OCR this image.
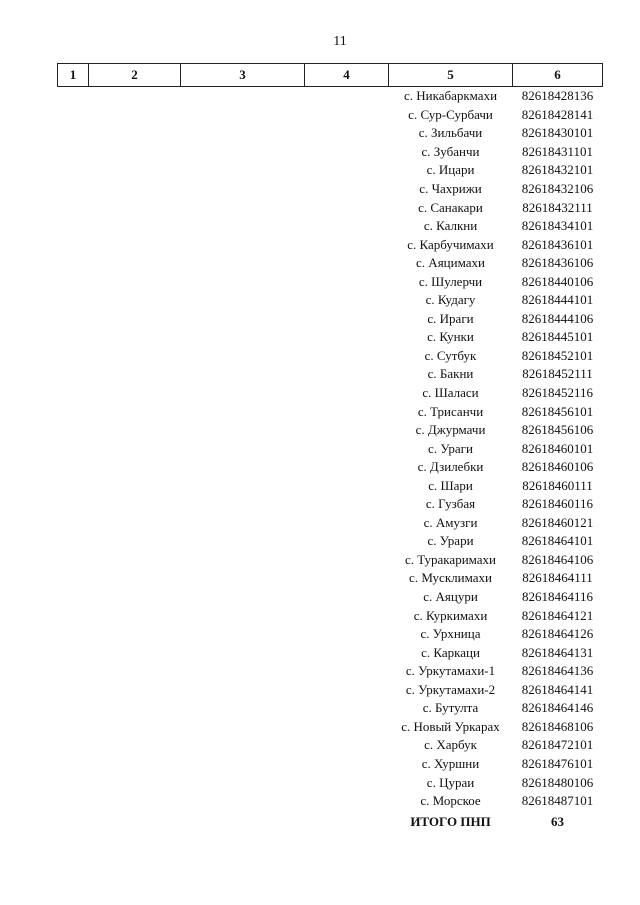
11
1	2	3	4	5	6
				с. Никабаркмахи	82618428136
				с. Сур-Сурбачи	82618428141
				с. Зильбачи	82618430101
				с. Зубанчи	82618431101
				с. Ицари	82618432101
				с. Чахрижи	82618432106
				с. Санакари	82618432111
				с. Калкни	82618434101
				с. Карбучимахи	82618436101
				с. Аяцимахи	82618436106
				с. Шулерчи	82618440106
				с. Кудагу	82618444101
				с. Ираги	82618444106
				с. Кунки	82618445101
				с. Сутбук	82618452101
				с. Бакни	82618452111
				с. Шаласи	82618452116
				с. Трисанчи	82618456101
				с. Джурмачи	82618456106
				с. Ураги	82618460101
				с. Дзилебки	82618460106
				с. Шари	82618460111
				с. Гузбая	82618460116
				с. Амузги	82618460121
				с. Урари	82618464101
				с. Туракаримахи	82618464106
				с. Мусклимахи	82618464111
				с. Аяцури	82618464116
				с. Куркимахи	82618464121
				с. Урхница	82618464126
				с. Каркаци	82618464131
				с. Уркутамахи-1	82618464136
				с. Уркутамахи-2	82618464141
				с. Бутулта	82618464146
				с. Новый Уркарах	82618468106
				с. Харбук	82618472101
				с. Хуршни	82618476101
				с. Цураи	82618480106
				с. Морское	82618487101
				ИТОГО ПНП	63
